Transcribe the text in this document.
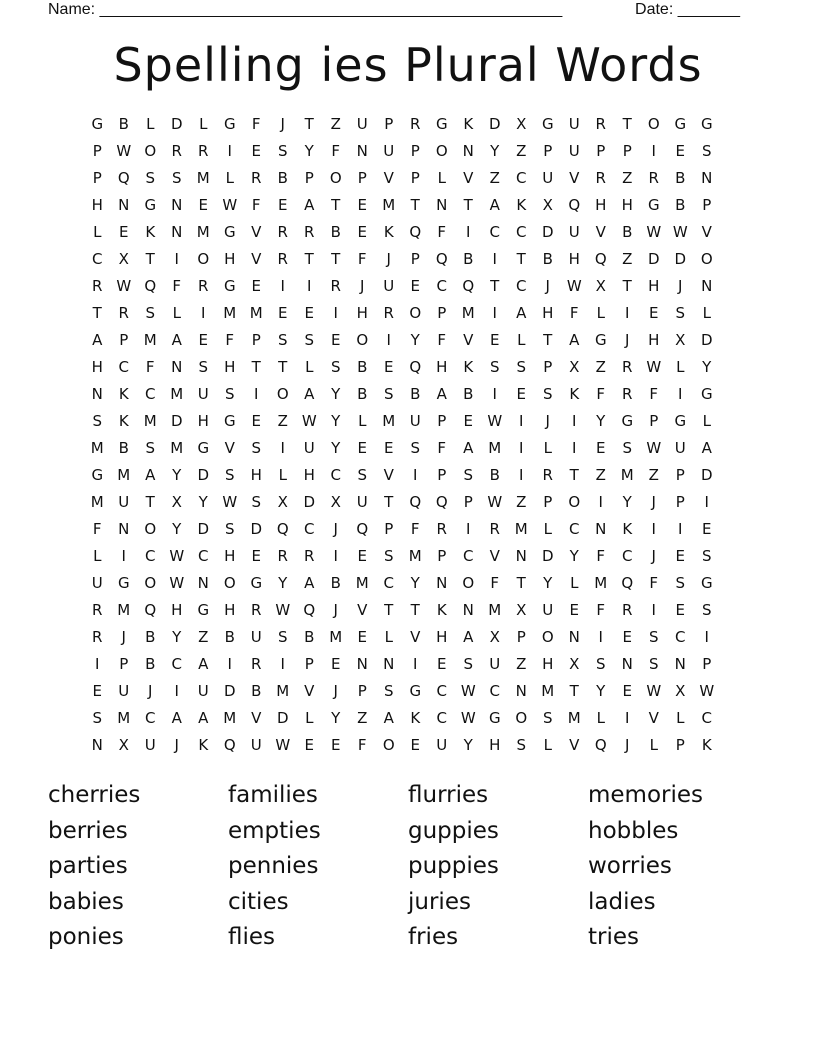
Name: ____________________________________________________	Date: _______
Spelling ies Plural Words
G	B	L	D	L	G	F	J	T	Z	U	P	R	G	K	D	X	G	U	R	T	O G G
P W O	R	R	I	E	S	Y	F	N	U	P	O N	Y	Z	P	U	P	P	I	E	S
P	Q	S	S	M	L	R	B	P	O	P	V	P	L	V	Z	C	U	V	R	Z	R	B	N
H	N	G	N	E W F	E	A	T	E	M	T	N	T	A	K	X	Q H	H	G	B	P
L	E	K	N M G	V	R	R	B	E	K	Q	F	I	C	C	D	U	V	B W W V
C	X	T	I	O H	V	R	T	T	F	J	P	Q	B	I	T	B	H Q	Z	D D O
R W Q	F	R	G	E	I	I	R	J	U	E	C	Q	T	C	J	W X	T	H	J	N
T	R	S	L	I	M M	E	E	I	H	R	O	P	M	I	A	H	F	L	I	E	S	L
A	P	M A	E	F	P	S	S	E	O	I	Y	F	V	E	L	T	A	G	J	H	X	D
H	C	F	N	S	H	T	T	L	S	B	E	Q H	K	S	S	P	X	Z	R W L	Y
N	K	C M U	S	I	O	A	Y	B	S	B	A	B	I	E	S	K	F	R	F	I	G
S	K	M D	H	G	E	Z W Y	L	M U	P	E W	I	J	I	Y	G	P	G	L
M B	S	M G	V	S	I	U	Y	E	E	S	F	A M	I	L	I	E	S W U	A
G M A	Y	D	S	H	L	H	C	S	V	I	P	S	B	I	R	T	Z M Z	P	D
M U	T	X	Y W S	X	D	X	U	T	Q Q	P W Z	P	O	I	Y	J	P	I
F	N O	Y	D	S	D Q	C	J	Q	P	F	R	I	R M	L	C	N	K	I	I	E
L	I	C W C	H	E	R	R	I	E	S	M	P	C	V	N	D	Y	F	C	J	E	S
U	G O W N O G	Y	A	B M C	Y	N O	F	T	Y	L	M Q	F	S	G
R M Q H	G	H	R W Q	J	V	T	T	K	N M X	U	E	F	R	I	E	S
R	J	B	Y	Z	B	U	S	B M	E	L	V	H	A	X	P	O N	I	E	S	C	I
I	P	B	C	A	I	R	I	P	E	N	N	I	E	S	U	Z	H	X	S	N	S	N	P
E	U	J	I	U	D	B M V	J	P	S	G	C W C	N M	T	Y	E W X W
S	M C	A	A M V	D	L	Y	Z	A	K	C W G O	S	M	L	I	V	L	C
N	X	U	J	K	Q	U W E	E	F	O	E	U	Y	H	S	L	V	Q	J	L	P	K
cherries	families	flurries	memories
berries	empties	guppies	hobbles
parties	pennies	puppies	worries
babies	cities	juries	ladies
ponies	flies	fries	tries
